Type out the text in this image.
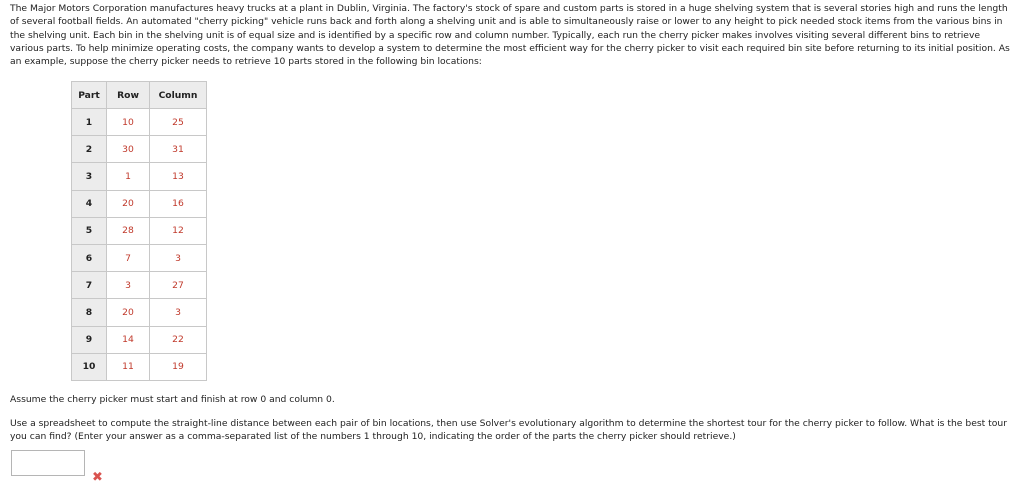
The Major Motors Corporation manufactures heavy trucks at a plant in Dublin, Virginia. The factory's stock of spare and custom parts is stored in a huge shelving system that is several stories high and runs the length of several football fields. An automated "cherry picking" vehicle runs back and forth along a shelving unit and is able to simultaneously raise or lower to any height to pick needed stock items from the various bins in the shelving unit. Each bin in the shelving unit is of equal size and is identified by a specific row and column number. Typically, each run the cherry picker makes involves visiting several different bins to retrieve various parts. To help minimize operating costs, the company wants to develop a system to determine the most efficient way for the cherry picker to visit each required bin site before returning to its initial position. As an example, suppose the cherry picker needs to retrieve 10 parts stored in the following bin locations:

Part	Row	Column
1	10	25
2	30	31
3	1	13
4	20	16
5	28	12
6	7	3
7	3	27
8	20	3
9	14	22
10	11	19

Assume the cherry picker must start and finish at row 0 and column 0.

Use a spreadsheet to compute the straight-line distance between each pair of bin locations, then use Solver's evolutionary algorithm to determine the shortest tour for the cherry picker to follow. What is the best tour you can find? (Enter your answer as a comma-separated list of the numbers 1 through 10, indicating the order of the parts the cherry picker should retrieve.)

✖
